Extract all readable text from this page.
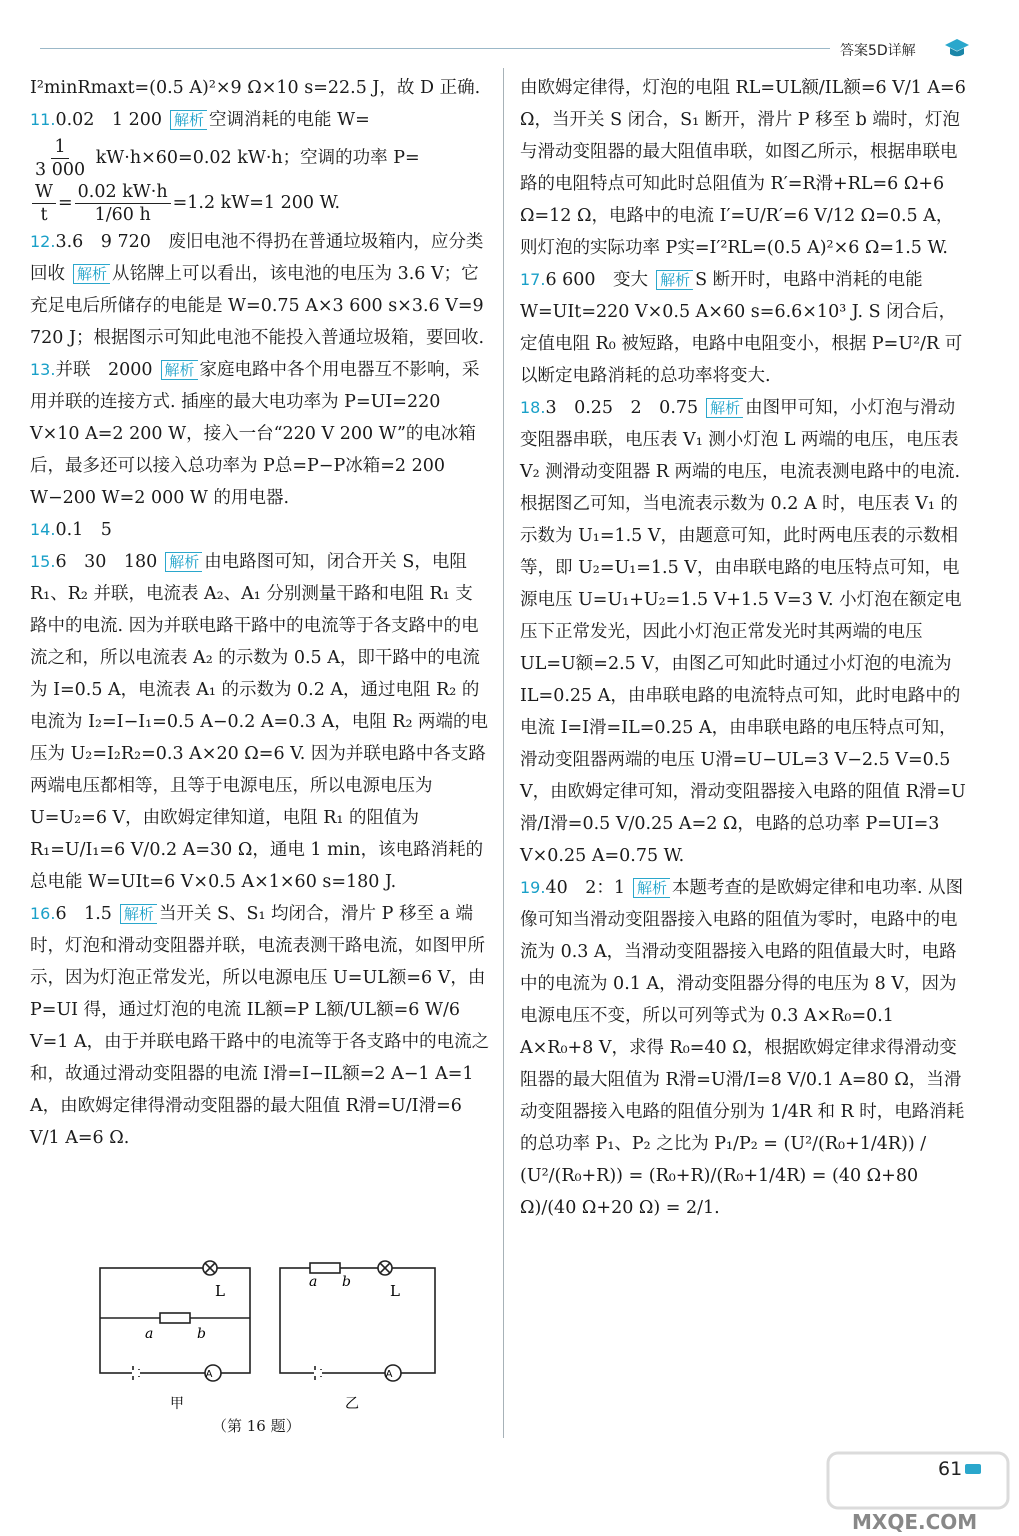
答案5D详解

I²minRmaxt=(0.5 A)²×9 Ω×10 s=22.5 J，故 D 正确.

11.0.02　1 200 解析 空调消耗的电能 W=

$\frac{1}{3 000} kW\cdot h\times 60=0.02$ kW·h；空调的功率 P=

$\frac{W}{t} = \frac{0.02 kW\cdot h}{1/60 h} =1.2$ kW=1 200 W.

12.3.6　9 720　废旧电池不得扔在普通垃圾箱内，应分类回收 解析 从铭牌上可以看出，该电池的电压为 3.6 V；它充足电后所储存的电能是 W=0.75 A×3 600 s×3.6 V=9 720 J；根据图示可知此电池不能投入普通垃圾箱，要回收.

13.并联　2000 解析 家庭电路中各个用电器互不影响，采用并联的连接方式. 插座的最大电功率为 P=UI=220 V×10 A=2 200 W，接入一台“220 V 200 W”的电冰箱后，最多还可以接入总功率为 P总=P−P冰箱=2 200 W−200 W=2 000 W 的用电器.

14.0.1　5

15.6　30　180 解析 由电路图可知，闭合开关 S，电阻 R₁、R₂ 并联，电流表 A₂、A₁ 分别测量干路和电阻 R₁ 支路中的电流. 因为并联电路干路中的电流等于各支路中的电流之和，所以电流表 A₂ 的示数为 0.5 A，即干路中的电流为 I=0.5 A，电流表 A₁ 的示数为 0.2 A，通过电阻 R₂ 的电流为 I₂=I−I₁=0.5 A−0.2 A=0.3 A，电阻 R₂ 两端的电压为 U₂=I₂R₂=0.3 A×20 Ω=6 V. 因为并联电路中各支路两端电压都相等，且等于电源电压，所以电源电压为 U=U₂=6 V，由欧姆定律知道，电阻 R₁ 的阻值为 R₁=U/I₁=6 V/0.2 A=30 Ω，通电 1 min，该电路消耗的总电能 W=UIt=6 V×0.5 A×1×60 s=180 J.

16.6　1.5 解析 当开关 S、S₁ 均闭合，滑片 P 移至 a 端时，灯泡和滑动变阻器并联，电流表测干路电流，如图甲所示，因为灯泡正常发光，所以电源电压 U=UL额=6 V，由 P=UI 得，通过灯泡的电流 IL额=P L额/UL额=6 W/6 V=1 A，由于并联电路干路中的电流等于各支路中的电流之和，故通过滑动变阻器的电流 I滑=I−IL额=2 A−1 A=1 A，由欧姆定律得滑动变阻器的最大阻值 R滑=U/I滑=6 V/1 A=6 Ω.

A
L
a	b
甲
A
L
a b
乙
（第 16 题）

由欧姆定律得，灯泡的电阻 RL=UL额/IL额=6 V/1 A=6 Ω，当开关 S 闭合，S₁ 断开，滑片 P 移至 b 端时，灯泡与滑动变阻器的最大阻值串联，如图乙所示，根据串联电路的电阻特点可知此时总阻值为 R′=R滑+RL=6 Ω+6 Ω=12 Ω，电路中的电流 I′=U/R′=6 V/12 Ω=0.5 A，则灯泡的实际功率 P实=I′²RL=(0.5 A)²×6 Ω=1.5 W.

17.6 600　变大 解析 S 断开时，电路中消耗的电能 W=UIt=220 V×0.5 A×60 s=6.6×10³ J. S 闭合后，定值电阻 R₀ 被短路，电路中电阻变小，根据 P=U²/R 可以断定电路消耗的总功率将变大.

18.3　0.25　2　0.75 解析 由图甲可知，小灯泡与滑动变阻器串联，电压表 V₁ 测小灯泡 L 两端的电压，电压表 V₂ 测滑动变阻器 R 两端的电压，电流表测电路中的电流. 根据图乙可知，当电流表示数为 0.2 A 时，电压表 V₁ 的示数为 U₁=1.5 V，由题意可知，此时两电压表的示数相等，即 U₂=U₁=1.5 V，由串联电路的电压特点可知，电源电压 U=U₁+U₂=1.5 V+1.5 V=3 V. 小灯泡在额定电压下正常发光，因此小灯泡正常发光时其两端的电压 UL=U额=2.5 V，由图乙可知此时通过小灯泡的电流为 IL=0.25 A，由串联电路的电流特点可知，此时电路中的电流 I=I滑=IL=0.25 A，由串联电路的电压特点可知，滑动变阻器两端的电压 U滑=U−UL=3 V−2.5 V=0.5 V，由欧姆定律可知，滑动变阻器接入电路的阻值 R滑=U滑/I滑=0.5 V/0.25 A=2 Ω，电路的总功率 P=UI=3 V×0.25 A=0.75 W.

19.40　2：1 解析 本题考查的是欧姆定律和电功率. 从图像可知当滑动变阻器接入电路的阻值为零时，电路中的电流为 0.3 A，当滑动变阻器接入电路的阻值最大时，电路中的电流为 0.1 A，滑动变阻器分得的电压为 8 V，因为电源电压不变，所以可列等式为 0.3 A×R₀=0.1 A×R₀+8 V，求得 R₀=40 Ω，根据欧姆定律求得滑动变阻器的最大阻值为 R滑=U滑/I=8 V/0.1 A=80 Ω，当滑动变阻器接入电路的阻值分别为 1/4R 和 R 时，电路消耗的总功率 P₁、P₂ 之比为 P₁/P₂ = (U²/(R₀+1/4R)) / (U²/(R₀+R)) = (R₀+R)/(R₀+1/4R) = (40 Ω+80 Ω)/(40 Ω+20 Ω) = 2/1.

MXQE.COM
61
